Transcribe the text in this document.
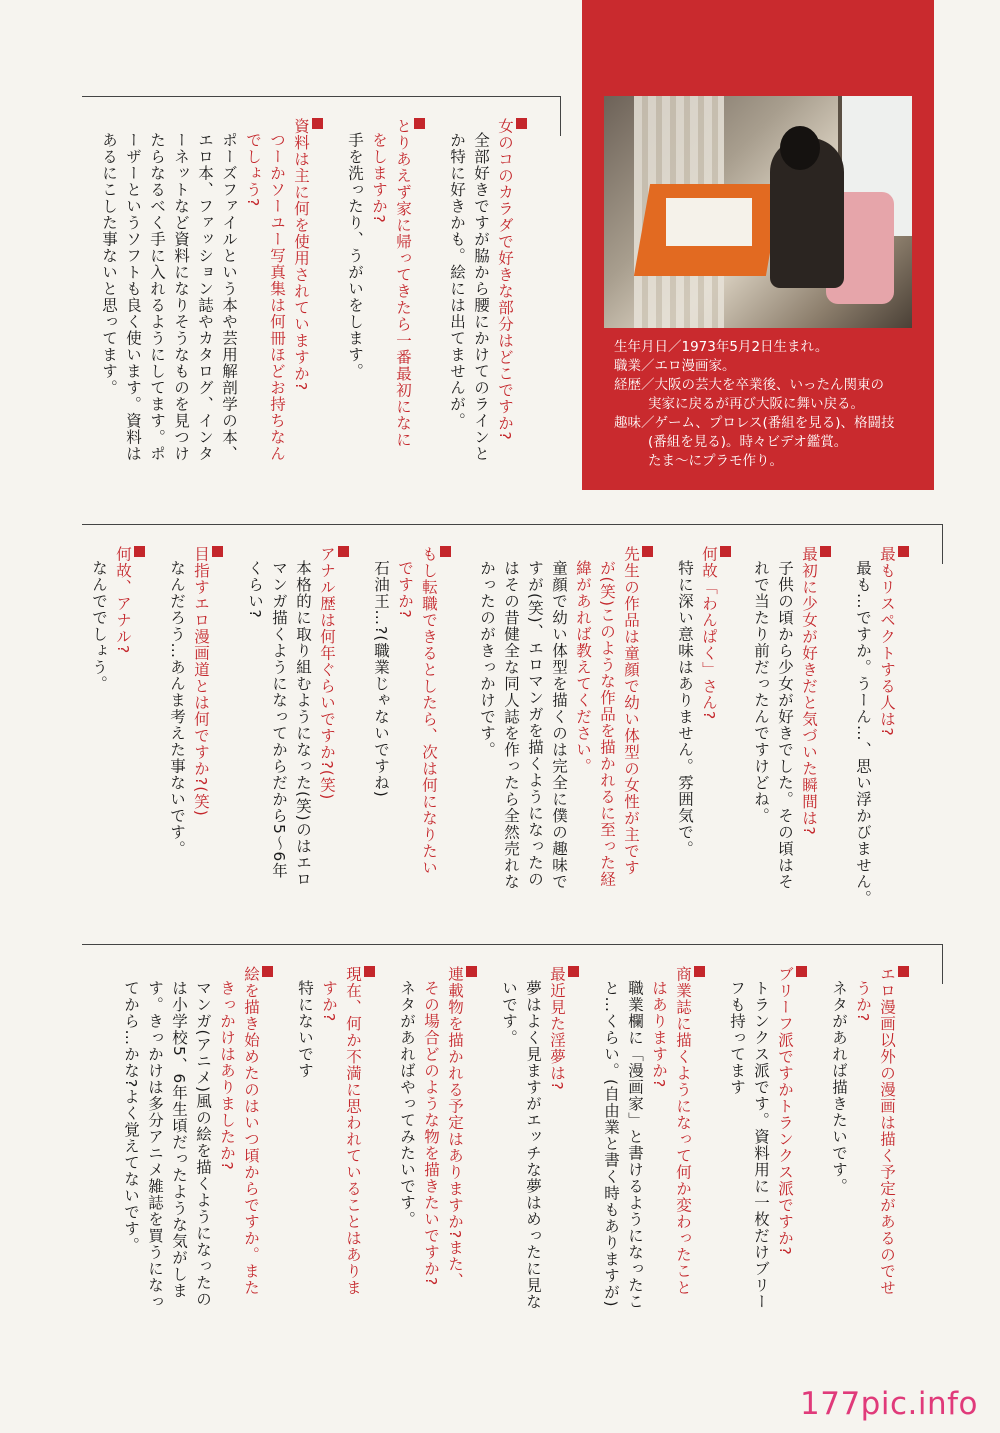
生年月日／1973年5月2日生まれ。
職業／エロ漫画家。
経歴／大阪の芸大を卒業後、いったん関東の
実家に戻るが再び大阪に舞い戻る。
趣味／ゲーム、プロレス(番組を見る)、格闘技
(番組を見る)。時々ビデオ鑑賞。
たま〜にプラモ作り。
女のコのカラダで好きな部分はどこですか?
全部好きですが脇から腰にかけてのラインと
か特に好きかも。絵には出てませんが。
とりあえず家に帰ってきたら一番最初になに
をしますか?
手を洗ったり、うがいをします。
資料は主に何を使用されていますか?
つーかソーユー写真集は何冊ほどお持ちなん
でしょう?
ポーズファイルという本や芸用解剖学の本、
エロ本、ファッション誌やカタログ、インタ
ーネットなど資料になりそうなものを見つけ
たらなるべく手に入れるようにしてます。ポ
ーザーというソフトも良く使います。資料は
あるにこした事ないと思ってます。
最もリスペクトする人は?
最も…ですか。うーん…、思い浮かびません。
最初に少女が好きだと気づいた瞬間は?
子供の頃から少女が好きでした。その頃はそ
れで当たり前だったんですけどね。
何故「わんぱく」さん?
特に深い意味はありません。雰囲気で。
先生の作品は童顔で幼い体型の女性が主です
が(笑)このような作品を描かれるに至った経
緯があれば教えてください。
童顔で幼い体型を描くのは完全に僕の趣味で
すが(笑)、エロマンガを描くようになったの
はその昔健全な同人誌を作ったら全然売れな
かったのがきっかけです。
もし転職できるとしたら、次は何になりたい
ですか?
石油王…?(職業じゃないですね)
アナル歴は何年ぐらいですか?(笑)
本格的に取り組むようになった(笑)のはエロ
マンガ描くようになってからだから5〜6年
くらい?
目指すエロ漫画道とは何ですか?(笑)
なんだろう…あんま考えた事ないです。
何故、アナル?
なんででしょう。
エロ漫画以外の漫画は描く予定があるのでせ
うか?
ネタがあれば描きたいです。
ブリーフ派ですかトランクス派ですか?
トランクス派です。資料用に一枚だけブリー
フも持ってます
商業誌に描くようになって何か変わったこと
はありますか?
職業欄に「漫画家」と書けるようになったこ
と…くらい。(自由業と書く時もありますが)
最近見た淫夢は?
夢はよく見ますがエッチな夢はめったに見な
いです。
連載物を描かれる予定はありますか?また、
その場合どのような物を描きたいですか?
ネタがあればやってみたいです。
現在、何か不満に思われていることはありま
すか?
特にないです
絵を描き始めたのはいつ頃からですか。また
きっかけはありましたか?
マンガ(アニメ)風の絵を描くようになったの
は小学校5、6年生頃だったような気がしま
す。きっかけは多分アニメ雑誌を買うになっ
てから…かな?よく覚えてないです。
177pic.info
